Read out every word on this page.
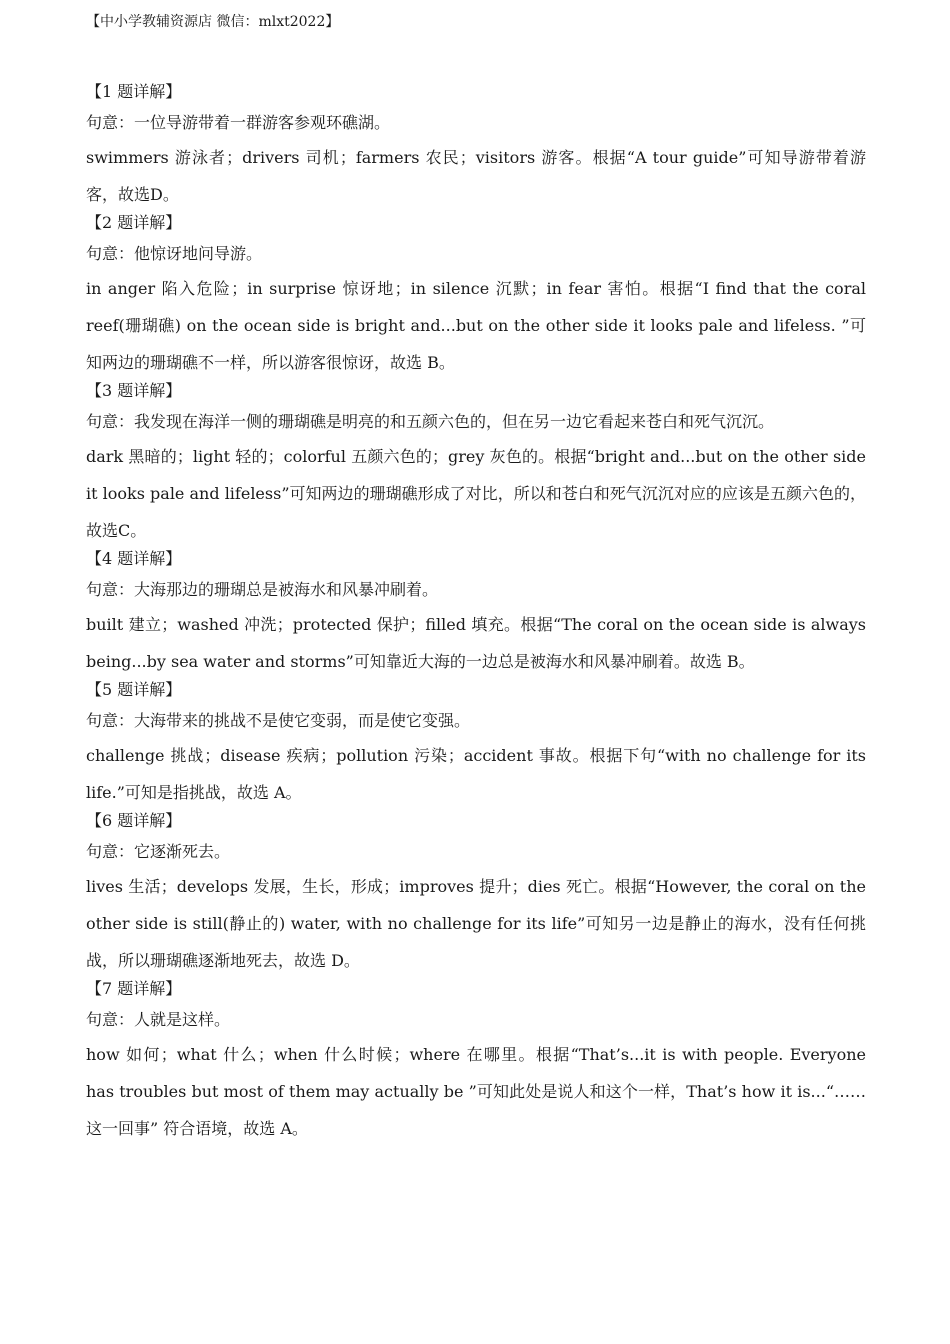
【中小学教辅资源店 微信：mlxt2022】
【1 题详解】
句意：一位导游带着一群游客参观环礁湖。
swimmers 游泳者；drivers 司机；farmers 农民；visitors 游客。根据“A tour guide”可知导游带着游客，故选D。
【2 题详解】
句意：他惊讶地问导游。
in anger 陷入危险；in surprise 惊讶地；in silence 沉默；in fear 害怕。根据“I find that the coral reef(珊瑚礁) on the ocean side is bright and...but on the other side it looks pale and lifeless. ”可知两边的珊瑚礁不一样，所以游客很惊讶，故选 B。
【3 题详解】
句意：我发现在海洋一侧的珊瑚礁是明亮的和五颜六色的，但在另一边它看起来苍白和死气沉沉。
dark 黑暗的；light 轻的；colorful 五颜六色的；grey 灰色的。根据“bright and...but on the other side it looks pale and lifeless”可知两边的珊瑚礁形成了对比，所以和苍白和死气沉沉对应的应该是五颜六色的，故选C。
【4 题详解】
句意：大海那边的珊瑚总是被海水和风暴冲刷着。
built 建立；washed 冲洗；protected 保护；filled 填充。根据“The coral on the ocean side is always being...by sea water and storms”可知靠近大海的一边总是被海水和风暴冲刷着。故选 B。
【5 题详解】
句意：大海带来的挑战不是使它变弱，而是使它变强。
challenge 挑战；disease 疾病；pollution 污染；accident 事故。根据下句“with no challenge for its life.”可知是指挑战，故选 A。
【6 题详解】
句意：它逐渐死去。
lives 生活；develops 发展，生长，形成；improves 提升；dies 死亡。根据“However, the coral on the other side is still(静止的) water, with no challenge for its life”可知另一边是静止的海水，没有任何挑战，所以珊瑚礁逐渐地死去，故选 D。
【7 题详解】
句意：人就是这样。
how 如何；what 什么；when 什么时候；where 在哪里。根据“That’s...it is with people. Everyone has troubles but most of them may actually be ”可知此处是说人和这个一样，That’s how it is...“……这一回事” 符合语境，故选 A。
